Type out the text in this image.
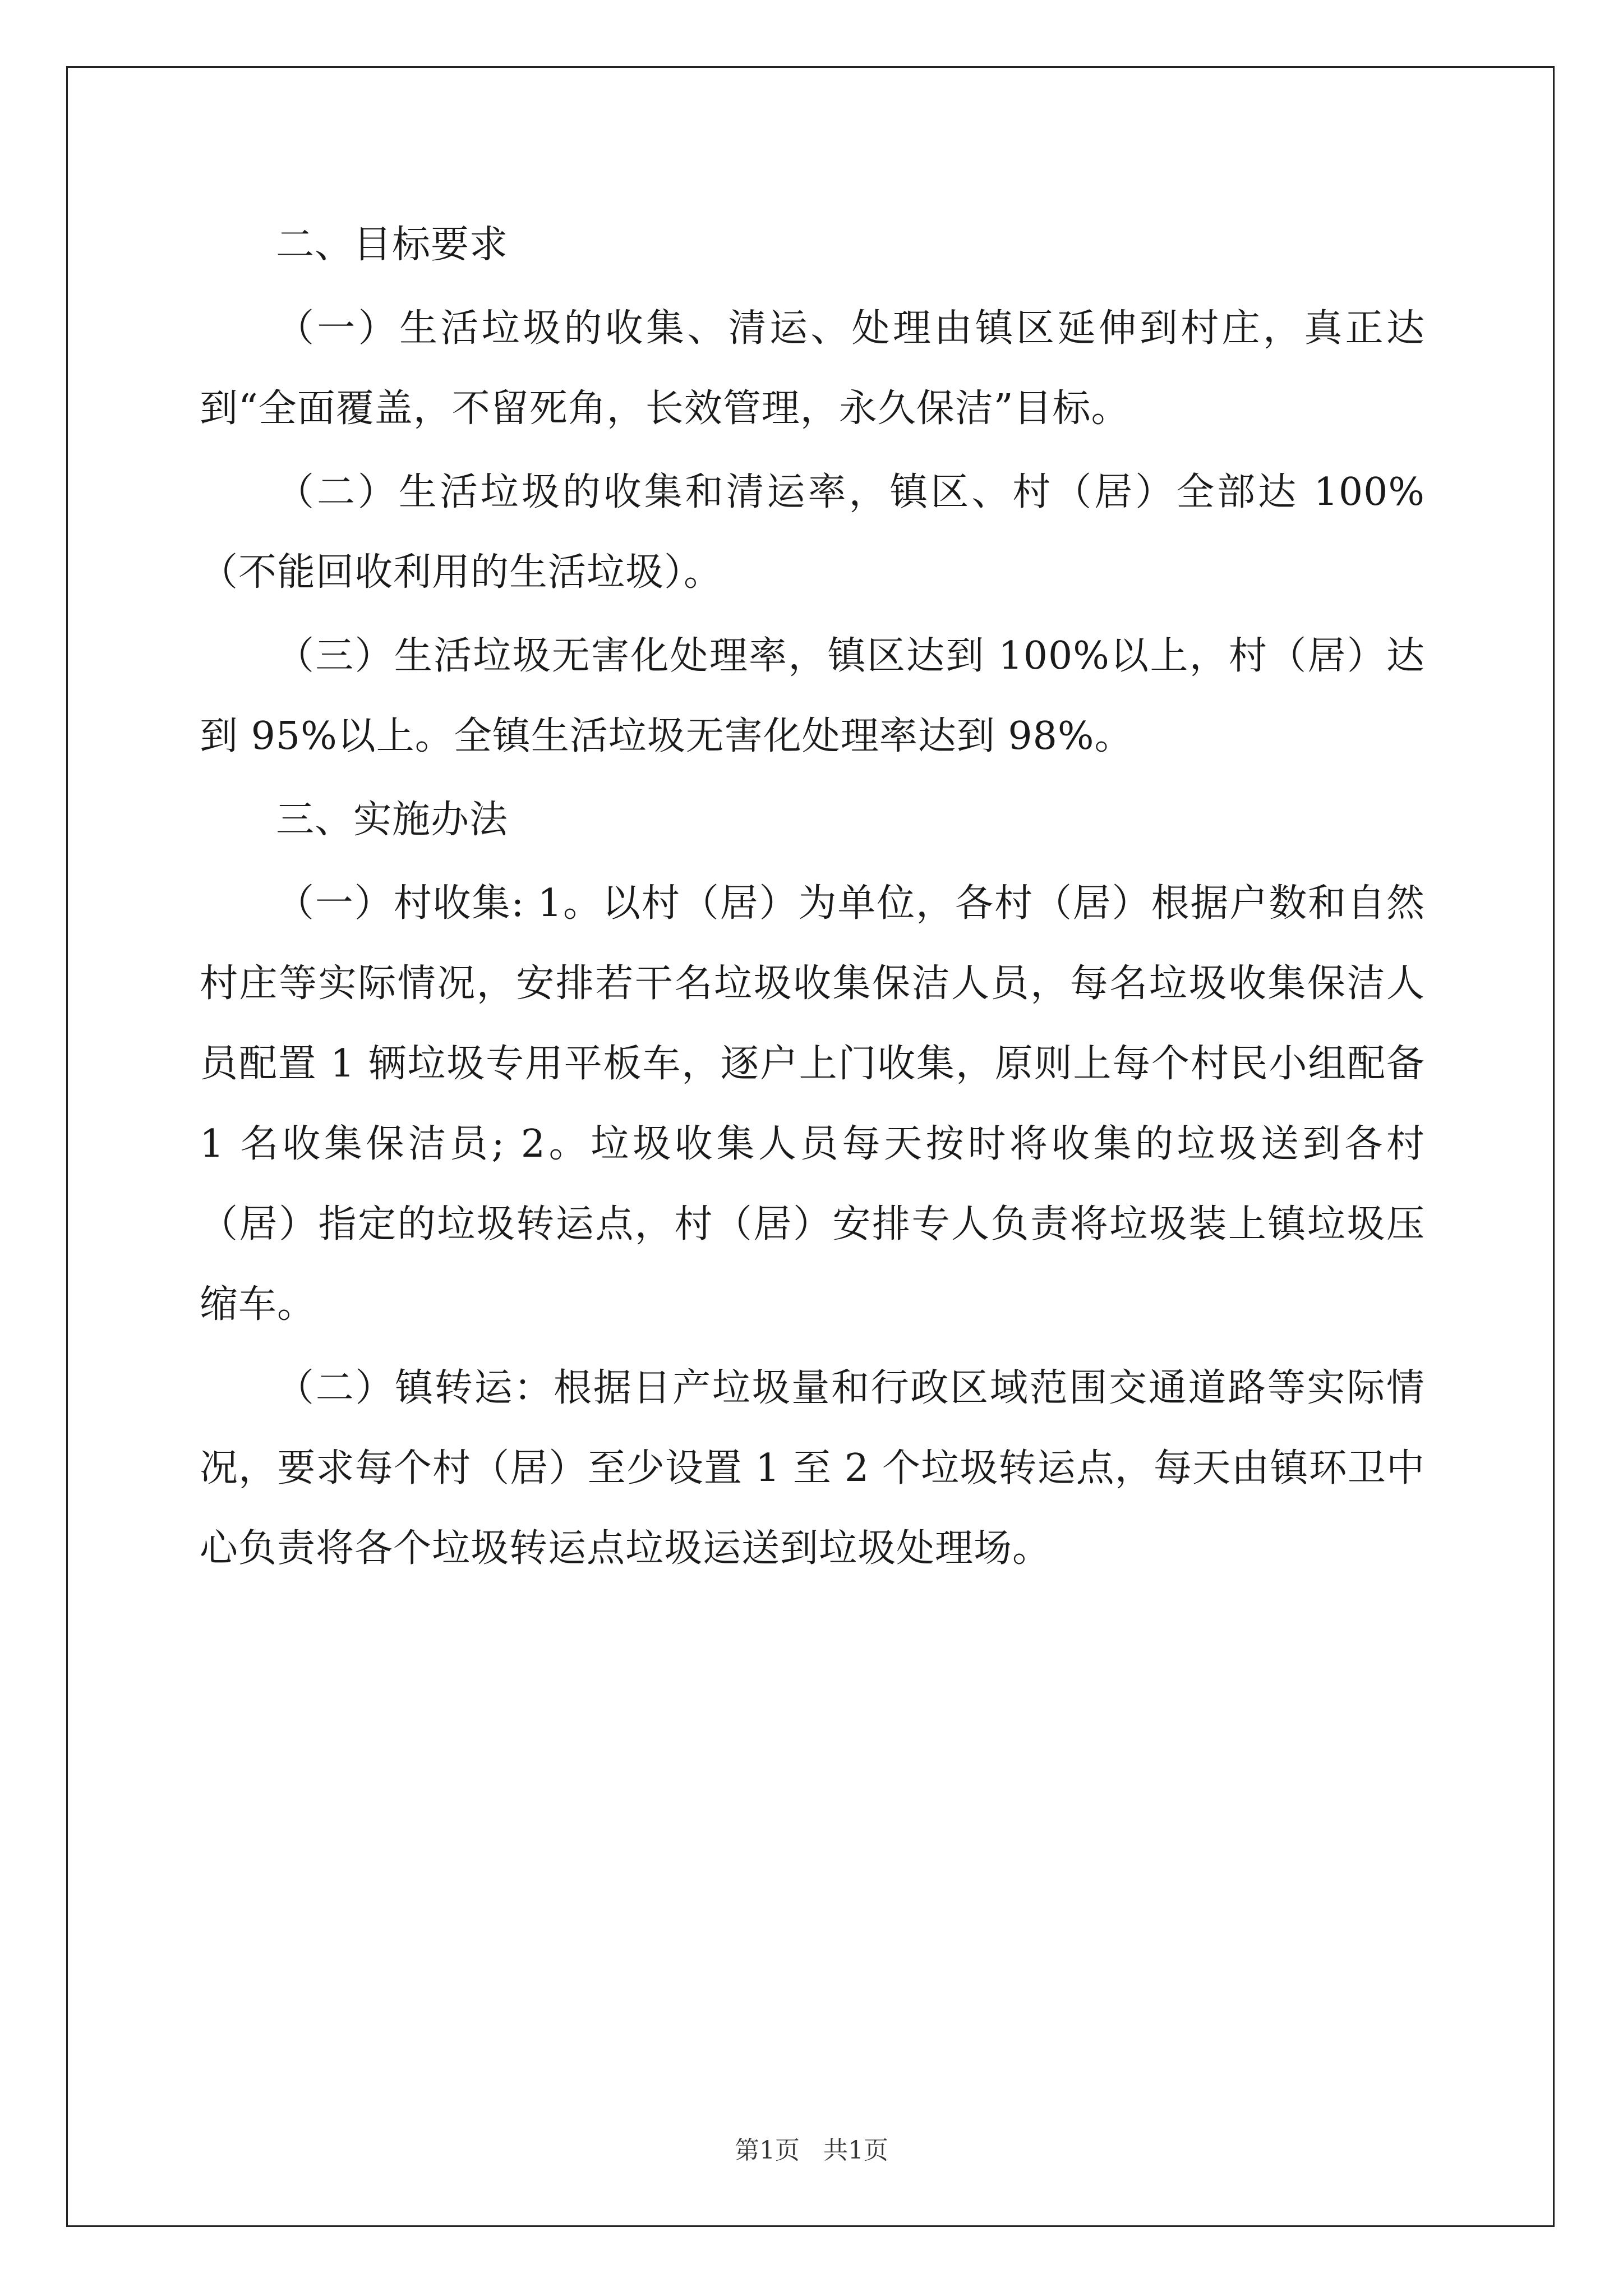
二、目标要求

（一）生活垃圾的收集、清运、处理由镇区延伸到村庄，真正达到“全面覆盖，不留死角，长效管理，永久保洁”目标。

（二）生活垃圾的收集和清运率，镇区、村（居）全部达 100%（不能回收利用的生活垃圾）。

（三）生活垃圾无害化处理率，镇区达到 100%以上，村（居）达到 95%以上。全镇生活垃圾无害化处理率达到 98%。

三、实施办法

（一）村收集: 1。以村（居）为单位，各村（居）根据户数和自然村庄等实际情况，安排若干名垃圾收集保洁人员，每名垃圾收集保洁人员配置 1 辆垃圾专用平板车，逐户上门收集，原则上每个村民小组配备 1 名收集保洁员; 2。垃圾收集人员每天按时将收集的垃圾送到各村（居）指定的垃圾转运点，村（居）安排专人负责将垃圾装上镇垃圾压缩车。

（二）镇转运：根据日产垃圾量和行政区域范围交通道路等实际情况，要求每个村（居）至少设置 1 至 2 个垃圾转运点，每天由镇环卫中心负责将各个垃圾转运点垃圾运送到垃圾处理场。

第1页   共1页
